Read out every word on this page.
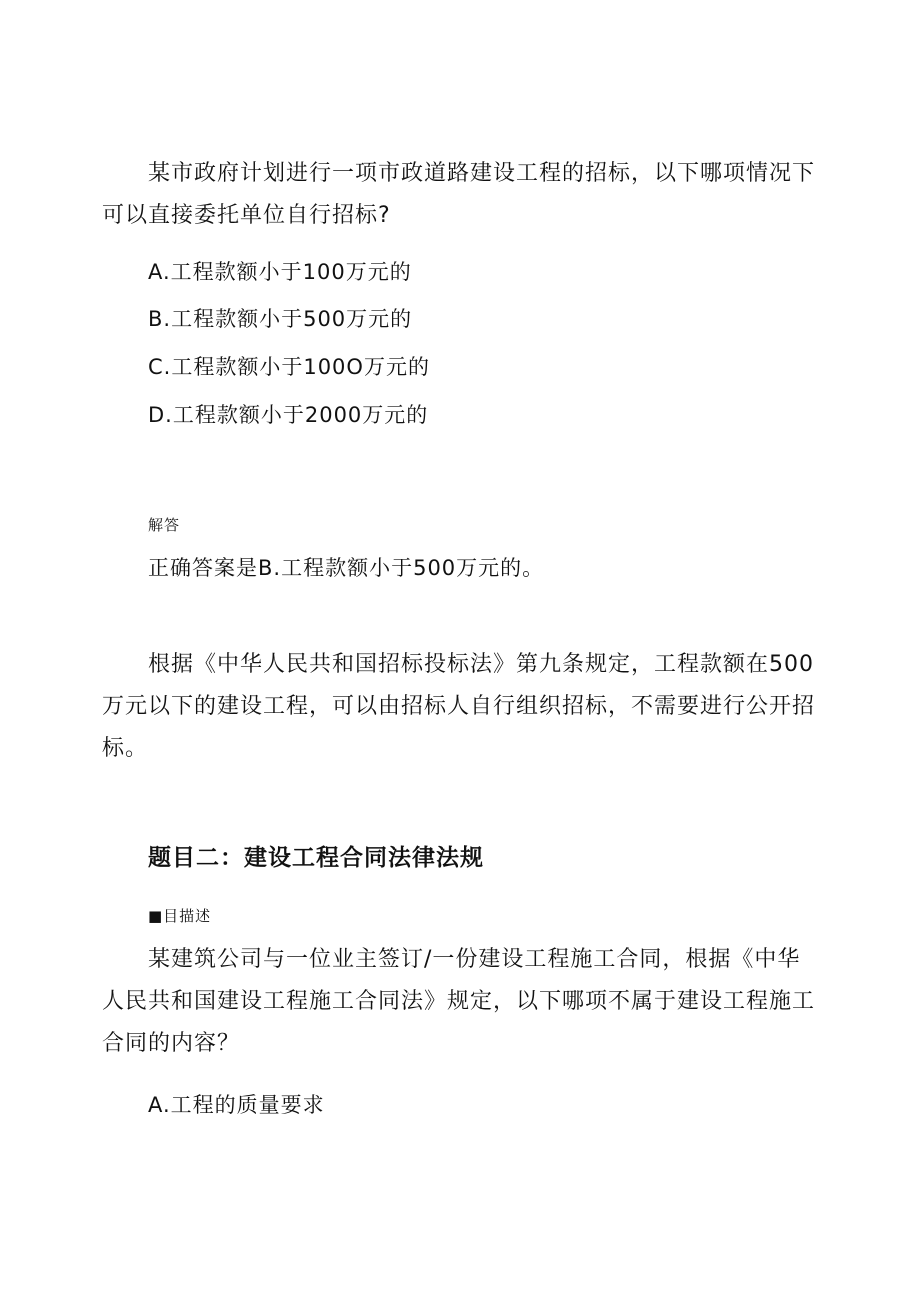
某市政府计划进行一项市政道路建设工程的招标，以下哪项情况下可以直接委托单位自行招标?

A.工程款额小于100万元的

B.工程款额小于500万元的

C.工程款额小于100O万元的

D.工程款额小于2000万元的

解答

正确答案是B.工程款额小于500万元的。

根据《中华人民共和国招标投标法》第九条规定，工程款额在500万元以下的建设工程，可以由招标人自行组织招标，不需要进行公开招标。

题目二：建设工程合同法律法规

■目描述

某建筑公司与一位业主签订/一份建设工程施工合同，根据《中华人民共和国建设工程施工合同法》规定，以下哪项不属于建设工程施工合同的内容？

A.工程的质量要求
